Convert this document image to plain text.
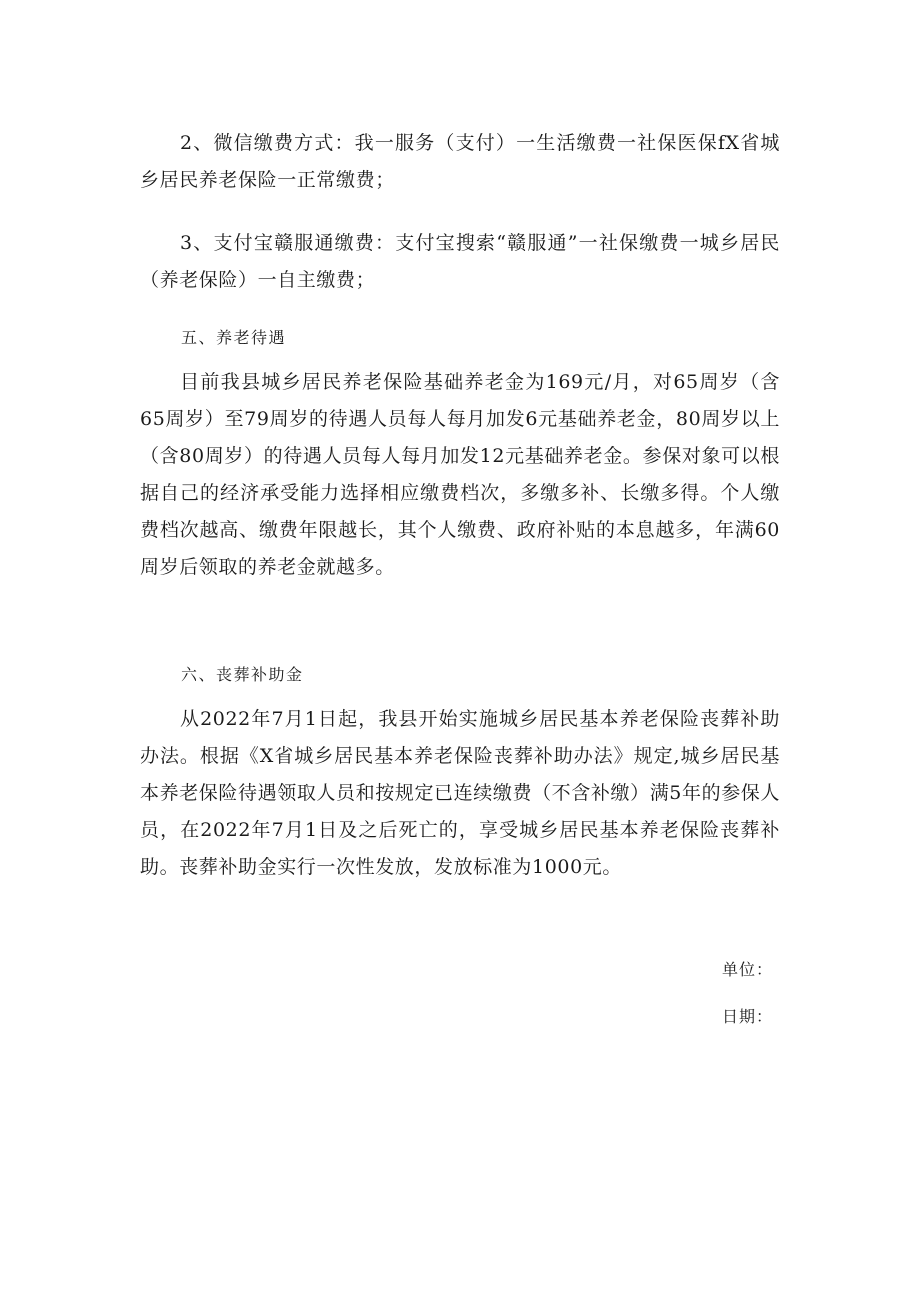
2、微信缴费方式：我一服务（支付）一生活缴费一社保医保fX省城乡居民养老保险一正常缴费；

3、支付宝赣服通缴费：支付宝搜索“赣服通”一社保缴费一城乡居民（养老保险）一自主缴费；

五、养老待遇

目前我县城乡居民养老保险基础养老金为169元/月，对65周岁（含65周岁）至79周岁的待遇人员每人每月加发6元基础养老金，80周岁以上（含80周岁）的待遇人员每人每月加发12元基础养老金。参保对象可以根据自己的经济承受能力选择相应缴费档次，多缴多补、长缴多得。个人缴费档次越高、缴费年限越长，其个人缴费、政府补贴的本息越多，年满60周岁后领取的养老金就越多。

六、丧葬补助金

从2022年7月1日起，我县开始实施城乡居民基本养老保险丧葬补助办法。根据《X省城乡居民基本养老保险丧葬补助办法》规定,城乡居民基本养老保险待遇领取人员和按规定已连续缴费（不含补缴）满5年的参保人员，在2022年7月1日及之后死亡的，享受城乡居民基本养老保险丧葬补助。丧葬补助金实行一次性发放，发放标准为1000元。

单位：

日期：
